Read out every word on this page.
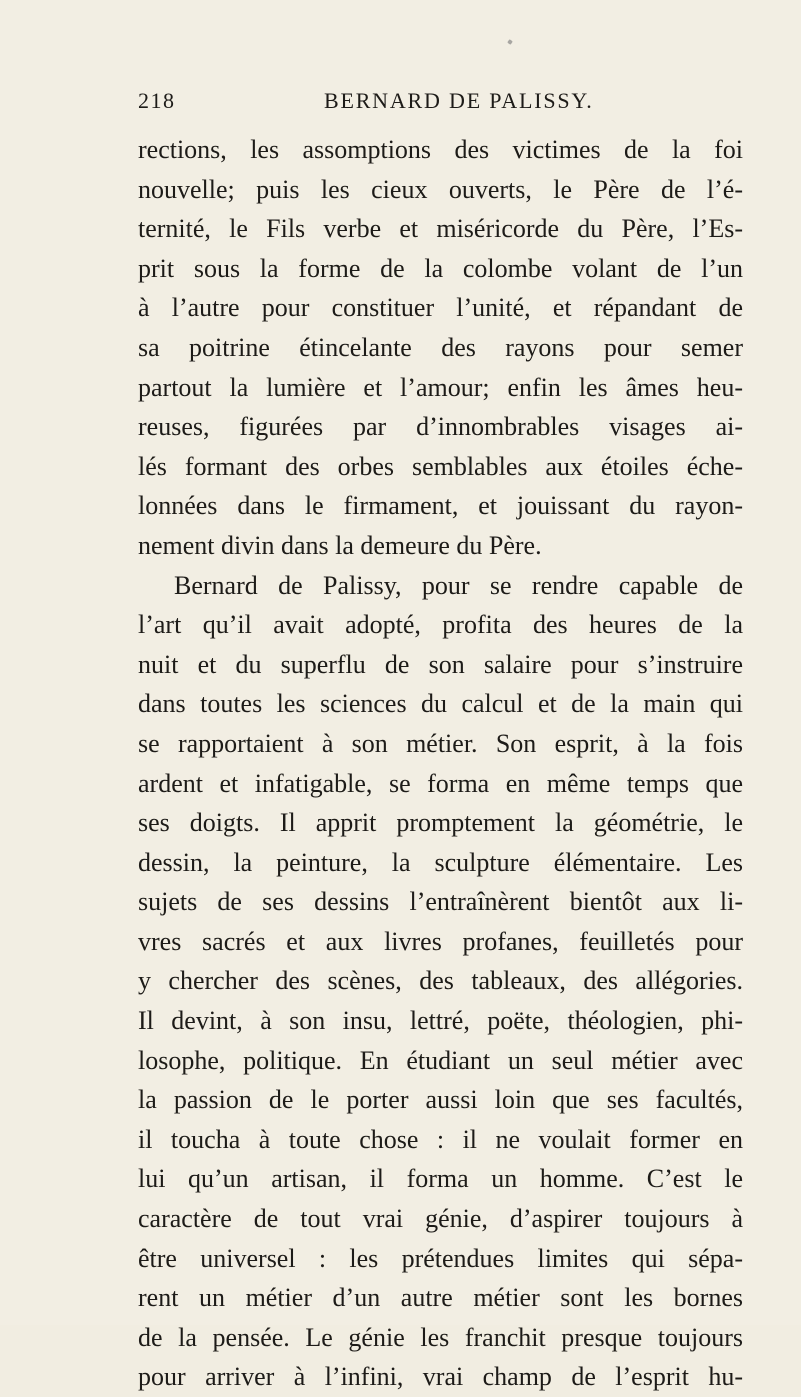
218	BERNARD DE PALISSY.
rections, les assomptions des victimes de la foi
nouvelle; puis les cieux ouverts, le Père de l’é-
ternité, le Fils verbe et miséricorde du Père, l’Es-
prit sous la forme de la colombe volant de l’un
à l’autre pour constituer l’unité, et répandant de
sa poitrine étincelante des rayons pour semer
partout la lumière et l’amour; enfin les âmes heu-
reuses, figurées par d’innombrables visages ai-
lés formant des orbes semblables aux étoiles éche-
lonnées dans le firmament, et jouissant du rayon-
nement divin dans la demeure du Père.
Bernard de Palissy, pour se rendre capable de
l’art qu’il avait adopté, profita des heures de la
nuit et du superflu de son salaire pour s’instruire
dans toutes les sciences du calcul et de la main qui
se rapportaient à son métier. Son esprit, à la fois
ardent et infatigable, se forma en même temps que
ses doigts. Il apprit promptement la géométrie, le
dessin, la peinture, la sculpture élémentaire. Les
sujets de ses dessins l’entraînèrent bientôt aux li-
vres sacrés et aux livres profanes, feuilletés pour
y chercher des scènes, des tableaux, des allégories.
Il devint, à son insu, lettré, poëte, théologien, phi-
losophe, politique. En étudiant un seul métier avec
la passion de le porter aussi loin que ses facultés,
il toucha à toute chose : il ne voulait former en
lui qu’un artisan, il forma un homme. C’est le
caractère de tout vrai génie, d’aspirer toujours à
être universel : les prétendues limites qui sépa-
rent un métier d’un autre métier sont les bornes
de la pensée. Le génie les franchit presque toujours
pour arriver à l’infini, vrai champ de l’esprit hu-
